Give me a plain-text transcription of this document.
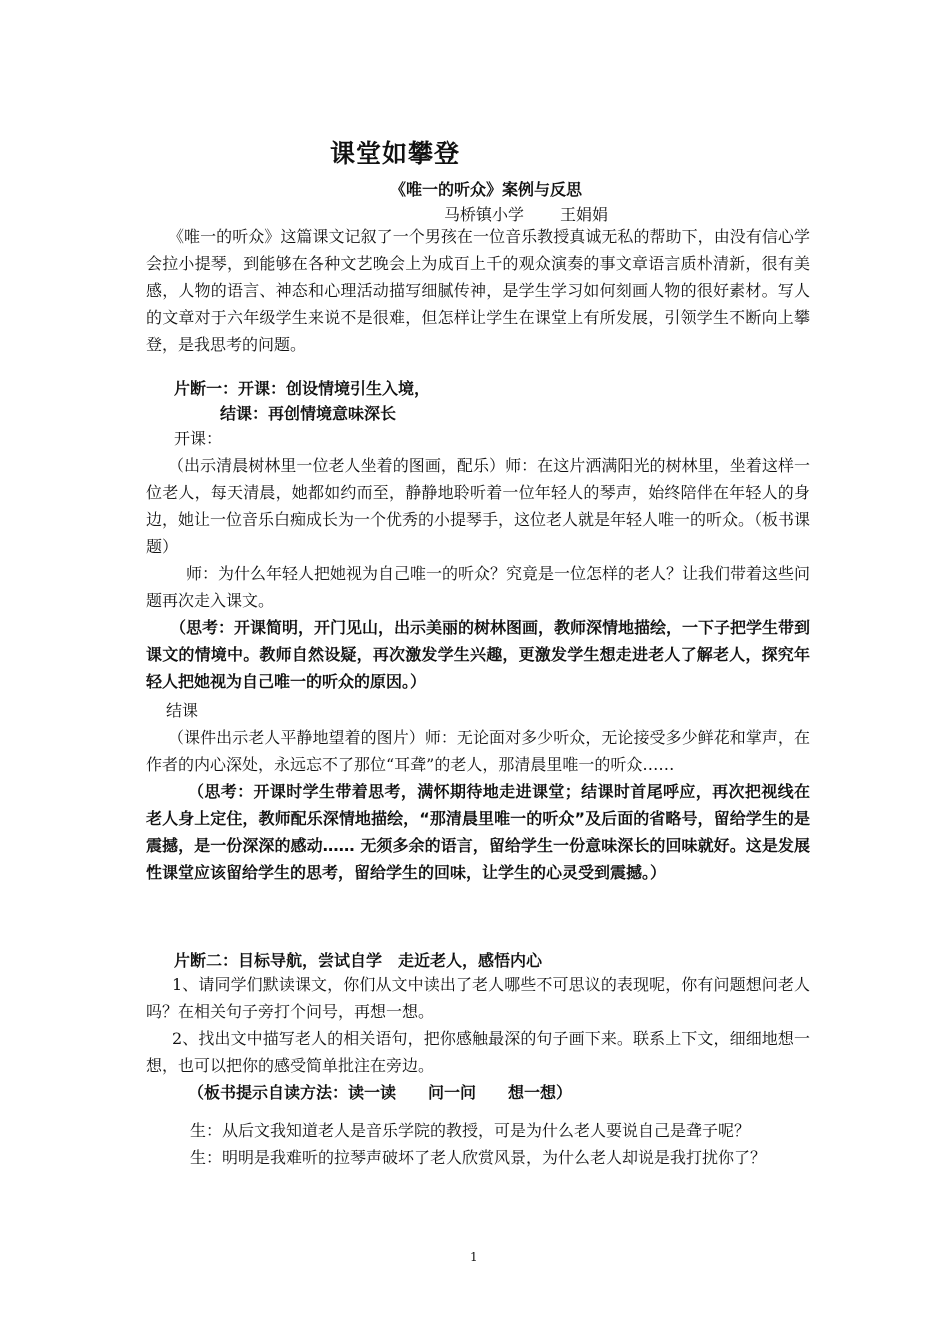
课堂如攀登
《唯一的听众》案例与反思
马桥镇小学 王娟娟

《唯一的听众》这篇课文记叙了一个男孩在一位音乐教授真诚无私的帮助下，由没有信心学会拉小提琴，到能够在各种文艺晚会上为成百上千的观众演奏的事文章语言质朴清新，很有美感，人物的语言、神态和心理活动描写细腻传神，是学生学习如何刻画人物的很好素材。写人的文章对于六年级学生来说不是很难，但怎样让学生在课堂上有所发展，引领学生不断向上攀登，是我思考的问题。

片断一：开课：创设情境引生入境，
结课：再创情境意味深长

开课：

（出示清晨树林里一位老人坐着的图画，配乐）师：在这片洒满阳光的树林里，坐着这样一位老人，每天清晨，她都如约而至，静静地聆听着一位年轻人的琴声，始终陪伴在年轻人的身边，她让一位音乐白痴成长为一个优秀的小提琴手，这位老人就是年轻人唯一的听众。（板书课题）

师：为什么年轻人把她视为自己唯一的听众？究竟是一位怎样的老人？让我们带着这些问题再次走入课文。

（思考：开课简明，开门见山，出示美丽的树林图画，教师深情地描绘，一下子把学生带到课文的情境中。教师自然设疑，再次激发学生兴趣，更激发学生想走进老人了解老人，探究年轻人把她视为自己唯一的听众的原因。）

结课

（课件出示老人平静地望着的图片）师：无论面对多少听众，无论接受多少鲜花和掌声，在作者的内心深处，永远忘不了那位“耳聋”的老人，那清晨里唯一的听众……

（思考：开课时学生带着思考，满怀期待地走进课堂；结课时首尾呼应，再次把视线在老人身上定住，教师配乐深情地描绘，“那清晨里唯一的听众”及后面的省略号，留给学生的是震撼，是一份深深的感动…… 无须多余的语言，留给学生一份意味深长的回味就好。这是发展性课堂应该留给学生的思考，留给学生的回味，让学生的心灵受到震撼。）

片断二：目标导航，尝试自学　走近老人，感悟内心

1、请同学们默读课文，你们从文中读出了老人哪些不可思议的表现呢，你有问题想问老人吗？在相关句子旁打个问号，再想一想。

2、找出文中描写老人的相关语句，把你感触最深的句子画下来。联系上下文，细细地想一想，也可以把你的感受简单批注在旁边。

（板书提示自读方法：读一读　　问一问　　想一想）

生：从后文我知道老人是音乐学院的教授，可是为什么老人要说自己是聋子呢？

生：明明是我难听的拉琴声破坏了老人欣赏风景，为什么老人却说是我打扰你了？

1
